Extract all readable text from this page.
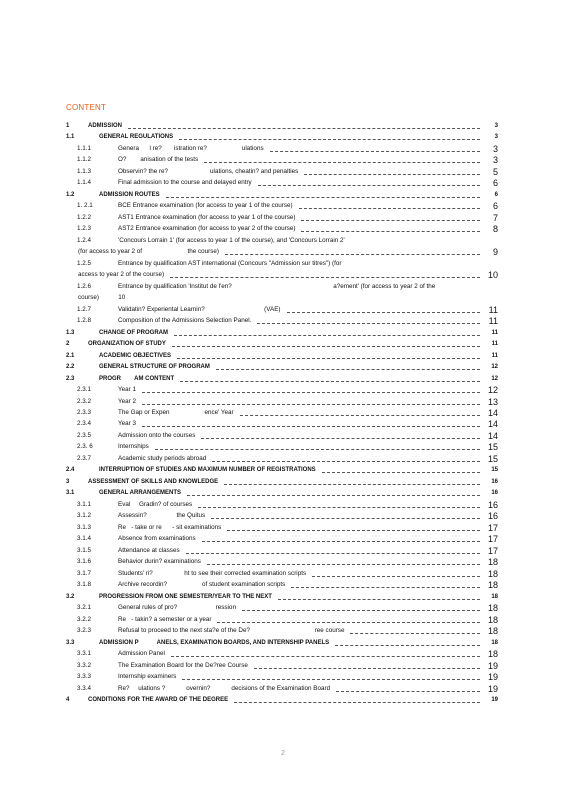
CONTENT
1	ADMISSION	3
1.1	GENERAL REGULATIONS	3
1.1.1	Genera      l re?       istration re?                    ulations	3
1.1.2	O?        anisation of the tests	3
1.1.3	Observin? the re?                        ulations, cheatin? and penalties	5
1.1.4	Final admission to the course and delayed entry	6
1.2	ADMISSION ROUTES	6
1. 2.1	BCE Entrance examination (for access to year 1 of the course)	6
1.2.2	AST1 Entrance examination (for access to year 1 of the course)	7
1.2.3	AST2 Entrance examination (for access to year 2 of the course)	8
1.2.4	'Concours Lorrain 1' (for access to year 1 of the course), and 'Concours Lorrain 2'
(for access to year 2 of                          the course)	9
1.2.5	Entrance by qualification AST international (Concours "Admission sur titres") (for
access to year 2 of the course)	10
1.2.6	Entrance by qualification 'Institut de l'en?                                                          a?ement' (for access to year 2 of the
course)           10
1.2.7	Validatin? Experiental Learnin?                                  (VAE)	11
1.2.8	Composition of the Admissions Selection Panel.	11
1.3	CHANGE OF PROGRAM	11
2	ORGANIZATION OF STUDY	11
2.1	ACADEMIC OBJECTIVES	11
2.2	GENERAL STRUCTURE OF PROGRAM	12
2.3	PROGR        AM CONTENT	12
2.3.1	Year 1	12
2.3.2	Year 2	13
2.3.3	The Gap or Expen                    ence' Year	14
2.3.4	Year 3	14
2.3.5	Admission onto the courses	14
2.3. 6	Internships	15
2.3.7	Academic study periods abroad	15
2.4	INTERRUPTION OF STUDIES AND MAXIMUM NUMBER OF REGISTRATIONS	15
3	ASSESSMENT OF SKILLS AND KNOWLEDGE	16
3.1	GENERAL ARRANGEMENTS	16
3.1.1	Eval     Gradin? of courses	16
3.1.2	Assessin?                 the Quitus	16
3.1.3	Re   - take or re      - sit examinations	17
3.1.4	Absence from examinations	17
3.1.5	Attendance at classes	17
3.1.6	Behavior durin? examinations	18
3.1.7	Students' ri?                  ht to see their corrected examination scripts	18
3.1.8	Archive recordin?                    of student examination scripts	18
3.2	PROGRESSION FROM ONE SEMESTER/YEAR TO THE NEXT	18
3.2.1	General rules of pro?                      ression	18
3.2.2	Re   - takin? a semester or a year	18
3.2.3	Refusal to proceed to the next sta?e of the De?                                     ree course	18
3.3	ADMISSION P           ANELS, EXAMINATION BOARDS, AND INTERNSHIP PANELS	18
3.3.1	Admission Panel	18
3.3.2	The Examination Board for the De?ree Course	19
3.3.3	Internship examiners	19
3.3.4	Re?     ulations ?            overnin?            decisions of the Examination Board	19
4	CONDITIONS FOR THE AWARD OF THE DEGREE	19
2
